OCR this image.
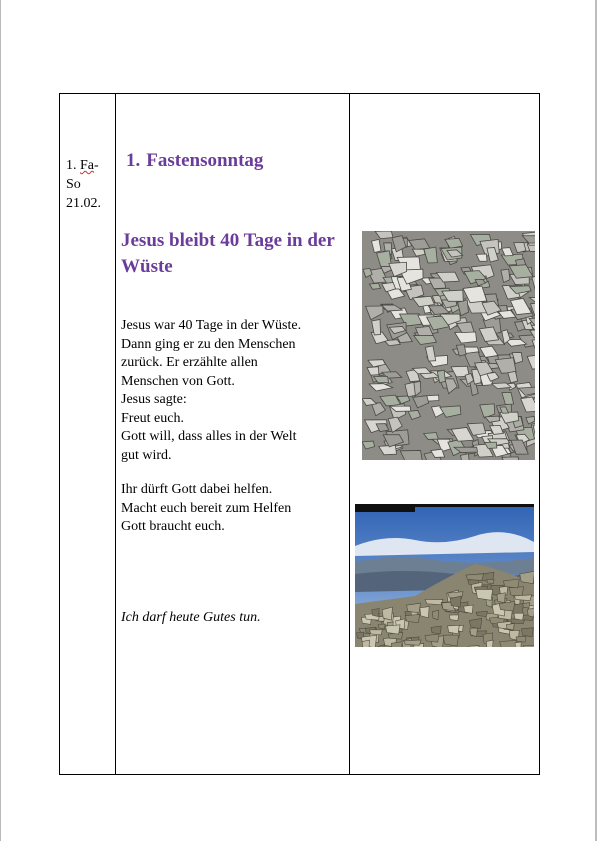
1. Fa-
So
21.02.
1. Fastensonntag
Jesus bleibt 40 Tage in der Wüste
Jesus war 40 Tage in der Wüste.
Dann ging er zu den Menschen
zurück. Er erzählte allen
Menschen von Gott.
Jesus sagte:
Freut euch.
Gott will, dass alles in der Welt
gut wird.
Ihr dürft Gott dabei helfen.
Macht euch bereit zum Helfen
Gott braucht euch.
Ich darf heute Gutes tun.
